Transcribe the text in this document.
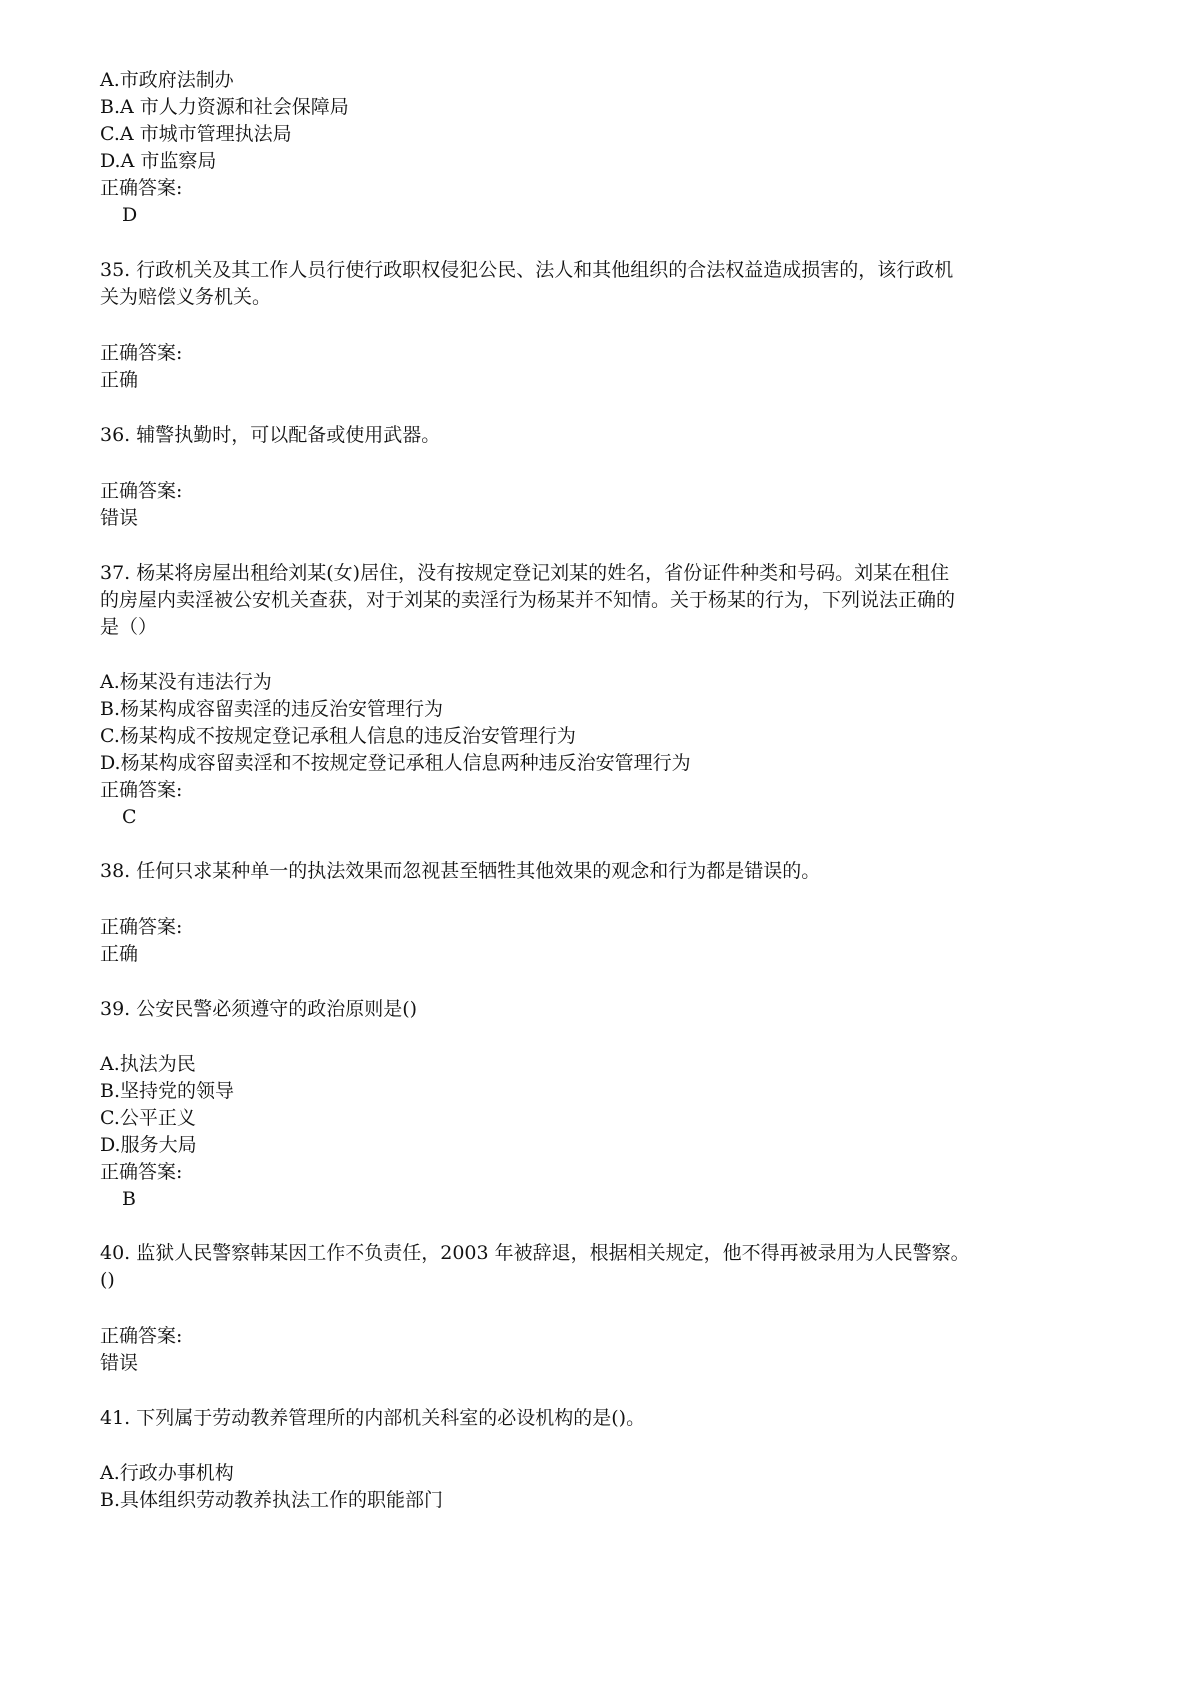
A.市政府法制办
B.A 市人力资源和社会保障局
C.A 市城市管理执法局
D.A 市监察局
正确答案:
D
35. 行政机关及其工作人员行使行政职权侵犯公民、法人和其他组织的合法权益造成损害的，该行政机
关为赔偿义务机关。
正确答案:
正确
36. 辅警执勤时，可以配备或使用武器。
正确答案:
错误
37. 杨某将房屋出租给刘某(女)居住，没有按规定登记刘某的姓名，省份证件种类和号码。刘某在租住
的房屋内卖淫被公安机关查获，对于刘某的卖淫行为杨某并不知情。关于杨某的行为，下列说法正确的
是（）
A.杨某没有违法行为
B.杨某构成容留卖淫的违反治安管理行为
C.杨某构成不按规定登记承租人信息的违反治安管理行为
D.杨某构成容留卖淫和不按规定登记承租人信息两种违反治安管理行为
正确答案:
C
38. 任何只求某种单一的执法效果而忽视甚至牺牲其他效果的观念和行为都是错误的。
正确答案:
正确
39. 公安民警必须遵守的政治原则是()
A.执法为民
B.坚持党的领导
C.公平正义
D.服务大局
正确答案:
B
40. 监狱人民警察韩某因工作不负责任，2003 年被辞退，根据相关规定，他不得再被录用为人民警察。
()
正确答案:
错误
41. 下列属于劳动教养管理所的内部机关科室的必设机构的是()。
A.行政办事机构
B.具体组织劳动教养执法工作的职能部门
